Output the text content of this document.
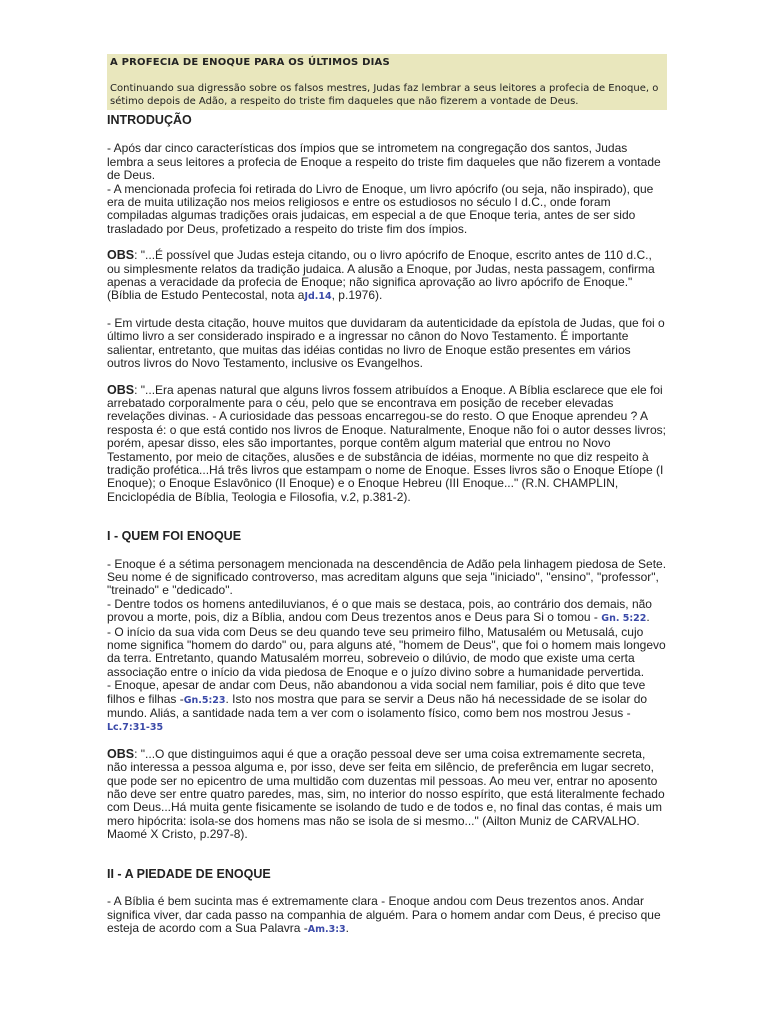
A PROFECIA DE ENOQUE PARA OS ÚLTIMOS DIAS
Continuando sua digressão sobre os falsos mestres, Judas faz lembrar a seus leitores a profecia de Enoque, o sétimo depois de Adão, a respeito do triste fim daqueles que não fizerem a vontade de Deus.
INTRODUÇÃO

- Após dar cinco características dos ímpios que se intrometem na congregação dos santos, Judas lembra a seus leitores a profecia de Enoque a respeito do triste fim daqueles que não fizerem a vontade de Deus.

- A mencionada profecia foi retirada do Livro de Enoque, um livro apócrifo (ou seja, não inspirado), que era de muita utilização nos meios religiosos e entre os estudiosos no século I d.C., onde foram compiladas algumas tradições orais judaicas, em especial a de que Enoque teria, antes de ser sido trasladado por Deus, profetizado a respeito do triste fim dos ímpios.

OBS: "...É possível que Judas esteja citando, ou o livro apócrifo de Enoque, escrito antes de 110 d.C., ou simplesmente relatos da tradição judaica. A alusão a Enoque, por Judas, nesta passagem, confirma apenas a veracidade da profecia de Enoque; não significa aprovação ao livro apócrifo de Enoque." (Bíblia de Estudo Pentecostal, nota aJd.14, p.1976).

- Em virtude desta citação, houve muitos que duvidaram da autenticidade da epístola de Judas, que foi o último livro a ser considerado inspirado e a ingressar no cânon do Novo Testamento. É importante salientar, entretanto, que muitas das idéias contidas no livro de Enoque estão presentes em vários outros livros do Novo Testamento, inclusive os Evangelhos.

OBS: "...Era apenas natural que alguns livros fossem atribuídos a Enoque. A Bíblia esclarece que ele foi arrebatado corporalmente para o céu, pelo que se encontrava em posição de receber elevadas revelações divinas. - A curiosidade das pessoas encarregou-se do resto. O que Enoque aprendeu ? A resposta é: o que está contido nos livros de Enoque. Naturalmente, Enoque não foi o autor desses livros; porém, apesar disso, eles são importantes, porque contêm algum material que entrou no Novo Testamento, por meio de citações, alusões e de substância de idéias, mormente no que diz respeito à tradição profética...Há três livros que estampam o nome de Enoque. Esses livros são o Enoque Etíope (I Enoque); o Enoque Eslavônico (II Enoque) e o Enoque Hebreu (III Enoque..." (R.N. CHAMPLIN, Enciclopédia de Bíblia, Teologia e Filosofia, v.2, p.381-2).

I - QUEM FOI ENOQUE

- Enoque é a sétima personagem mencionada na descendência de Adão pela linhagem piedosa de Sete. Seu nome é de significado controverso, mas acreditam alguns que seja "iniciado", "ensino", "professor", "treinado" e "dedicado".

- Dentre todos os homens antediluvianos, é o que mais se destaca, pois, ao contrário dos demais, não provou a morte, pois, diz a Bíblia, andou com Deus trezentos anos e Deus para Si o tomou - Gn. 5:22.

- O início da sua vida com Deus se deu quando teve seu primeiro filho, Matusalém ou Metusalá, cujo nome significa "homem do dardo" ou, para alguns até, "homem de Deus", que foi o homem mais longevo da terra. Entretanto, quando Matusalém morreu, sobreveio o dilúvio, de modo que existe uma certa associação entre o início da vida piedosa de Enoque e o juízo divino sobre a humanidade pervertida.

- Enoque, apesar de andar com Deus, não abandonou a vida social nem familiar, pois é dito que teve filhos e filhas -Gn.5:23. Isto nos mostra que para se servir a Deus não há necessidade de se isolar do mundo. Aliás, a santidade nada tem a ver com o isolamento físico, como bem nos mostrou Jesus - Lc.7:31-35

OBS: "...O que distinguimos aqui é que a oração pessoal deve ser uma coisa extremamente secreta, não interessa a pessoa alguma e, por isso, deve ser feita em silêncio, de preferência em lugar secreto, que pode ser no epicentro de uma multidão com duzentas mil pessoas. Ao meu ver, entrar no aposento não deve ser entre quatro paredes, mas, sim, no interior do nosso espírito, que está literalmente fechado com Deus...Há muita gente fisicamente se isolando de tudo e de todos e, no final das contas, é mais um mero hipócrita: isola-se dos homens mas não se isola de si mesmo..." (Ailton Muniz de CARVALHO. Maomé X Cristo, p.297-8).

II - A PIEDADE DE ENOQUE

- A Bíblia é bem sucinta mas é extremamente clara - Enoque andou com Deus trezentos anos. Andar significa viver, dar cada passo na companhia de alguém. Para o homem andar com Deus, é preciso que esteja de acordo com a Sua Palavra -Am.3:3.
